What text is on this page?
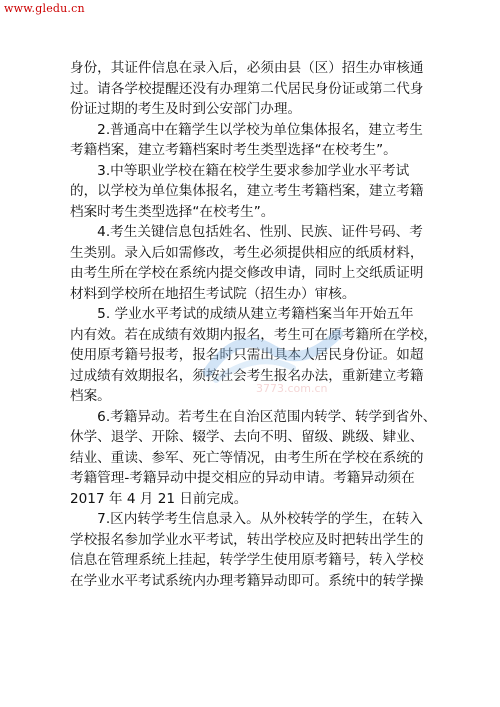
www.gledu.cn
身份，其证件信息在录入后，必须由县（区）招生办审核通
过。请各学校提醒还没有办理第二代居民身份证或第二代身
份证过期的考生及时到公安部门办理。
　　2.普通高中在籍学生以学校为单位集体报名，建立考生
考籍档案，建立考籍档案时考生类型选择“在校考生”。
　　3.中等职业学校在籍在校学生要求参加学业水平考试
的，以学校为单位集体报名，建立考生考籍档案，建立考籍
档案时考生类型选择“在校考生”。
　　4.考生关键信息包括姓名、性别、民族、证件号码、考
生类别。录入后如需修改，考生必须提供相应的纸质材料，
由考生所在学校在系统内提交修改申请，同时上交纸质证明
材料到学校所在地招生考试院（招生办）审核。
　　5. 学业水平考试的成绩从建立考籍档案当年开始五年
内有效。若在成绩有效期内报名，考生可在原考籍所在学校，
使用原考籍号报考，报名时只需出具本人居民身份证。如超
过成绩有效期报名，须按社会考生报名办法，重新建立考籍
档案。
　　6.考籍异动。若考生在自治区范围内转学、转学到省外、
休学、退学、开除、辍学、去向不明、留级、跳级、肄业、
结业、重读、参军、死亡等情况，由考生所在学校在系统的
考籍管理-考籍异动中提交相应的异动申请。考籍异动须在
2017 年 4 月 21 日前完成。
　　7.区内转学考生信息录入。从外校转学的学生，在转入
学校报名参加学业水平考试，转出学校应及时把转出学生的
信息在管理系统上挂起，转学学生使用原考籍号，转入学校
在学业水平考试系统内办理考籍异动即可。系统中的转学操
3773.com.cn
